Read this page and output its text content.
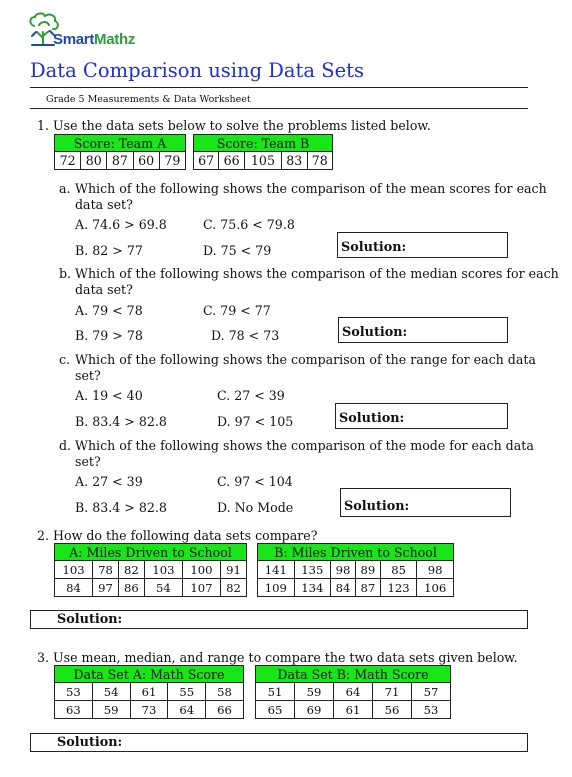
SmartMathz
Data Comparison using Data Sets
Grade 5 Measurements & Data Worksheet
1. Use the data sets below to solve the problems listed below.
Score: Team A
72	80	87	60	79
Score: Team B
67	66	105	83	78
a. Which of the following shows the comparison of the mean scores for each
data set?
A. 74.6 > 69.8	C. 75.6 < 79.8
B. 82 > 77	D. 75 < 79	Solution:
b. Which of the following shows the comparison of the median scores for each
data set?
A. 79 < 78	C. 79 < 77
B. 79 > 78	D. 78 < 73	Solution:
c. Which of the following shows the comparison of the range for each data
set?
A. 19 < 40	C. 27 < 39
B. 83.4 > 82.8	D. 97 < 105	Solution:
d. Which of the following shows the comparison of the mode for each data
set?
A. 27 < 39	C. 97 < 104
B. 83.4 > 82.8	D. No Mode	Solution:
2. How do the following data sets compare?
A: Miles Driven to School					
103	78	82	103	100	91
84	97	86	54	107	82
B: Miles Driven to School					
141	135	98	89	85	98
109	134	84	87	123	106
Solution:
3. Use mean, median, and range to compare the two data sets given below.
Data Set A: Math Score				
53	54	61	55	58
63	59	73	64	66
Data Set B: Math Score				
51	59	64	71	57
65	69	61	56	53
Solution:
